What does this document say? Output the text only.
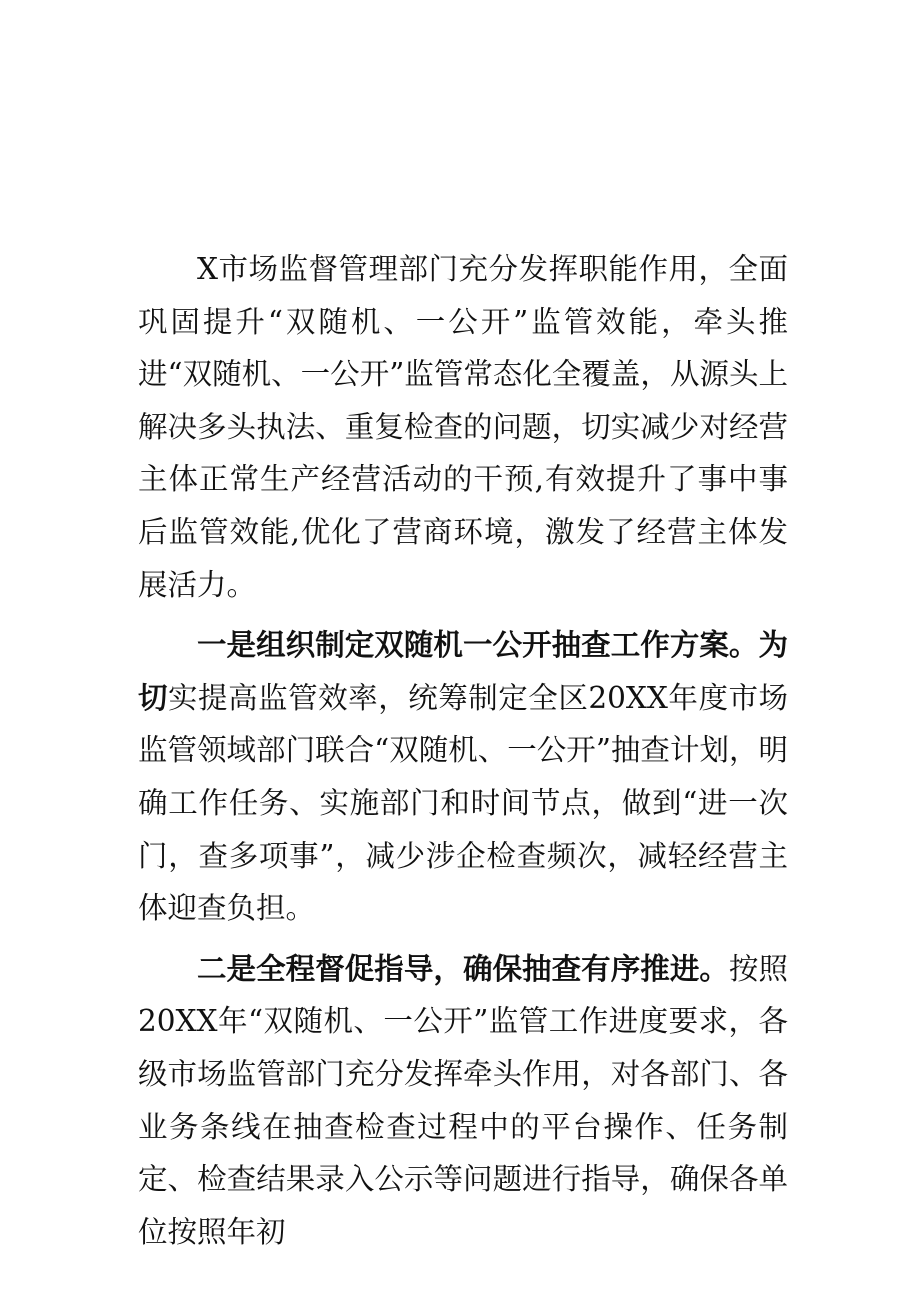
X市场监督管理部门充分发挥职能作用，全面巩固提升“双随机、一公开”监管效能，牵头推进“双随机、一公开”监管常态化全覆盖，从源头上解决多头执法、重复检查的问题，切实减少对经营主体正常生产经营活动的干预,有效提升了事中事后监管效能,优化了营商环境，激发了经营主体发展活力。

一是组织制定双随机一公开抽查工作方案。为切实提高监管效率，统筹制定全区20XX年度市场监管领域部门联合“双随机、一公开”抽查计划，明确工作任务、实施部门和时间节点，做到“进一次门，查多项事”，减少涉企检查频次，减轻经营主体迎查负担。

二是全程督促指导，确保抽查有序推进。按照20XX年“双随机、一公开”监管工作进度要求，各级市场监管部门充分发挥牵头作用，对各部门、各业务条线在抽查检查过程中的平台操作、任务制定、检查结果录入公示等问题进行指导，确保各单位按照年初
